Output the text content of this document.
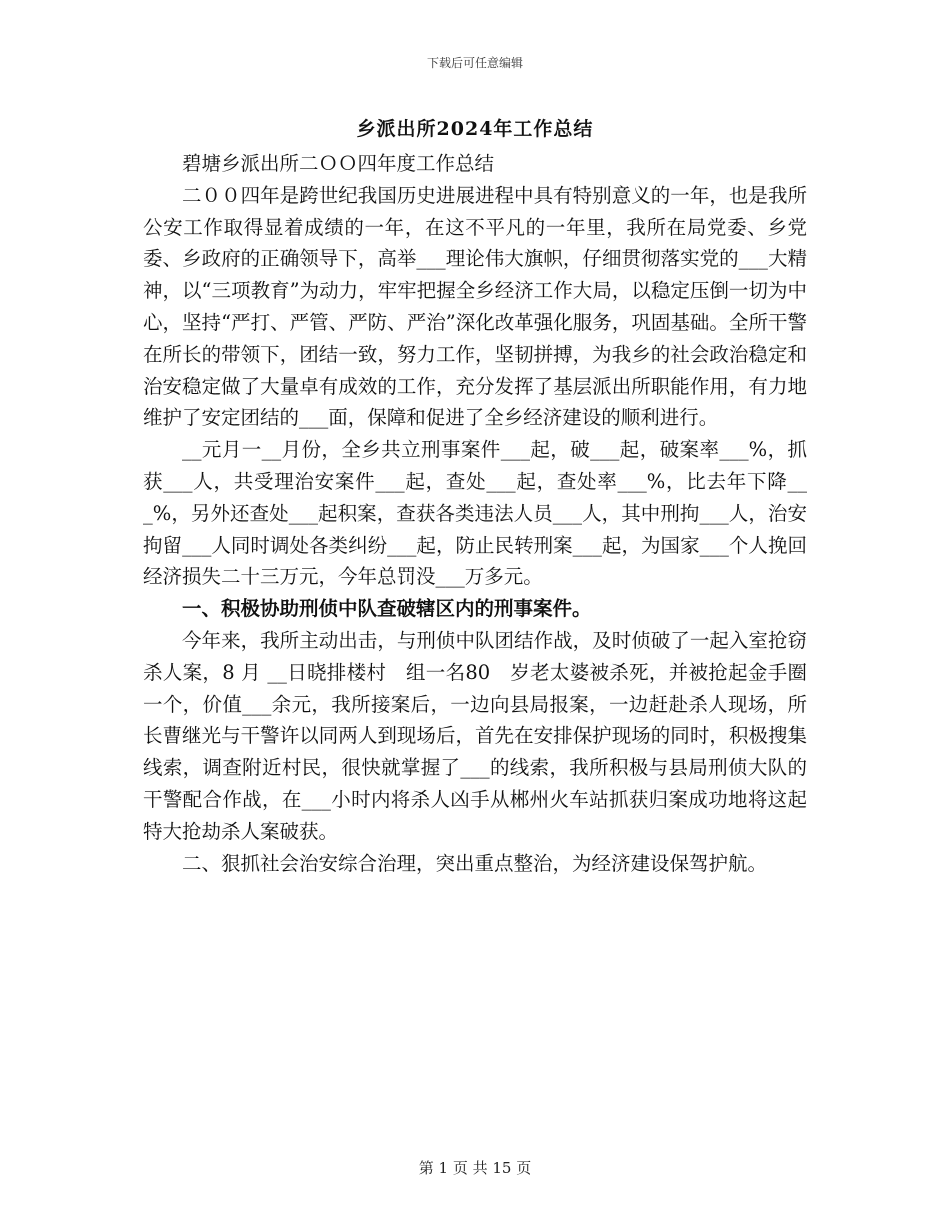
下载后可任意编辑
乡派出所2024年工作总结

碧塘乡派出所二ＯＯ四年度工作总结

二００四年是跨世纪我国历史进展进程中具有特别意义的一年，也是我所公安工作取得显着成绩的一年，在这不平凡的一年里，我所在局党委、乡党委、乡政府的正确领导下，高举___理论伟大旗帜，仔细贯彻落实党的___大精神，以“三项教育”为动力，牢牢把握全乡经济工作大局，以稳定压倒一切为中心，坚持“严打、严管、严防、严治”深化改革强化服务，巩固基础。全所干警在所长的带领下，团结一致，努力工作，坚韧拼搏，为我乡的社会政治稳定和治安稳定做了大量卓有成效的工作，充分发挥了基层派出所职能作用，有力地维护了安定团结的___面，保障和促进了全乡经济建设的顺利进行。

__元月一__月份，全乡共立刑事案件___起，破___起，破案率___%，抓获___人，共受理治安案件___起，查处___起，查处率___%，比去年下降___%，另外还查处___起积案，查获各类违法人员___人，其中刑拘___人，治安拘留___人同时调处各类纠纷___起，防止民转刑案___起，为国家___个人挽回经济损失二十三万元，今年总罚没___万多元。

一、积极协助刑侦中队查破辖区内的刑事案件。

今年来，我所主动出击，与刑侦中队团结作战，及时侦破了一起入室抢窃杀人案，8 月 __日晓排楼村　组一名80　岁老太婆被杀死，并被抢起金手圈一个，价值___余元，我所接案后，一边向县局报案，一边赶赴杀人现场，所长曹继光与干警许以同两人到现场后，首先在安排保护现场的同时，积极搜集线索，调查附近村民，很快就掌握了___的线索，我所积极与县局刑侦大队的干警配合作战，在___小时内将杀人凶手从郴州火车站抓获归案成功地将这起特大抢劫杀人案破获。

二、狠抓社会治安综合治理，突出重点整治，为经济建设保驾护航。

第 1 页 共 15 页
